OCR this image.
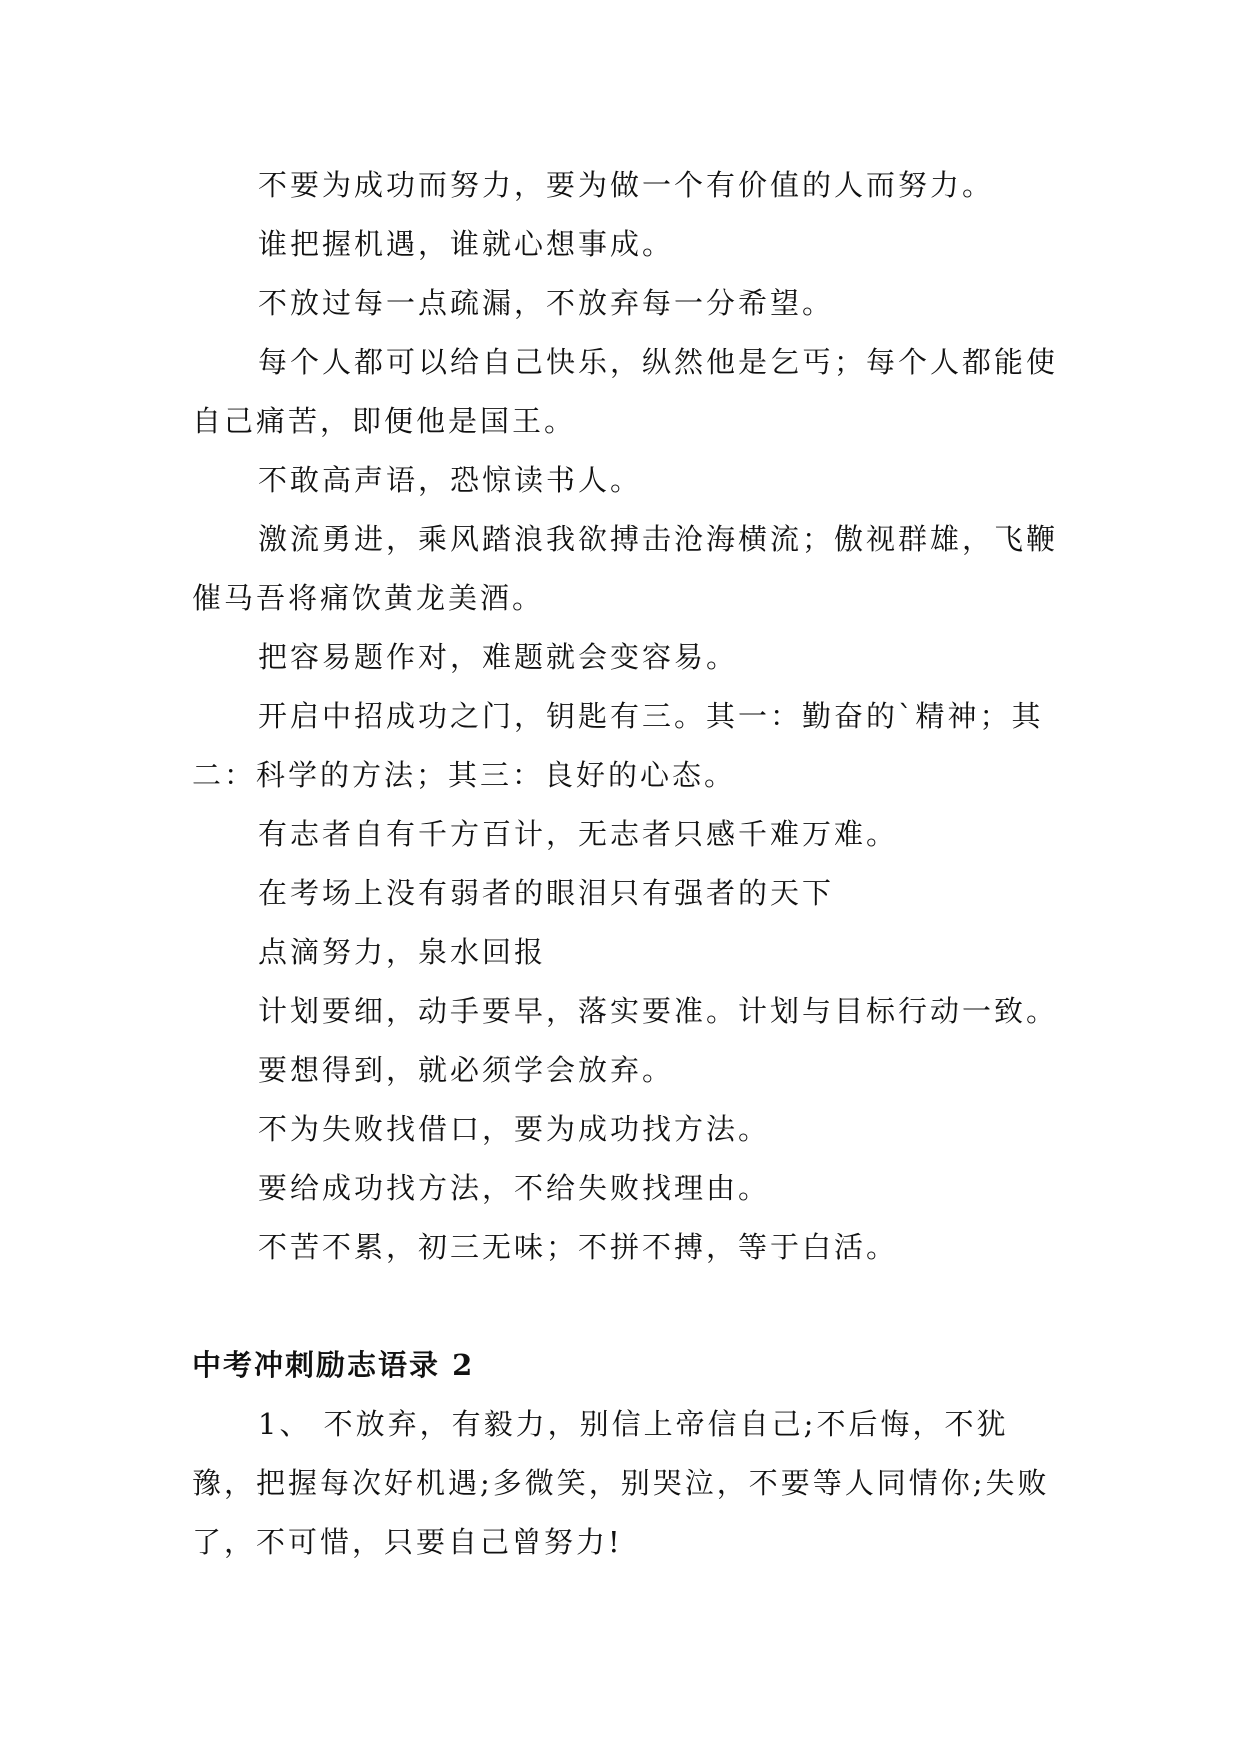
不要为成功而努力，要为做一个有价值的人而努力。

谁把握机遇，谁就心想事成。

不放过每一点疏漏，不放弃每一分希望。

每个人都可以给自己快乐，纵然他是乞丐；每个人都能使自己痛苦，即便他是国王。

不敢高声语，恐惊读书人。

激流勇进，乘风踏浪我欲搏击沧海横流；傲视群雄，飞鞭催马吾将痛饮黄龙美酒。

把容易题作对，难题就会变容易。

开启中招成功之门，钥匙有三。其一：勤奋的`精神；其二：科学的方法；其三：良好的心态。

有志者自有千方百计，无志者只感千难万难。

在考场上没有弱者的眼泪只有强者的天下

点滴努力，泉水回报

计划要细，动手要早，落实要准。计划与目标行动一致。

要想得到，就必须学会放弃。

不为失败找借口，要为成功找方法。

要给成功找方法，不给失败找理由。

不苦不累，初三无味；不拼不搏，等于白活。

中考冲刺励志语录 2

1、 不放弃，有毅力，别信上帝信自己;不后悔，不犹豫，把握每次好机遇;多微笑，别哭泣，不要等人同情你;失败了，不可惜，只要自己曾努力!
